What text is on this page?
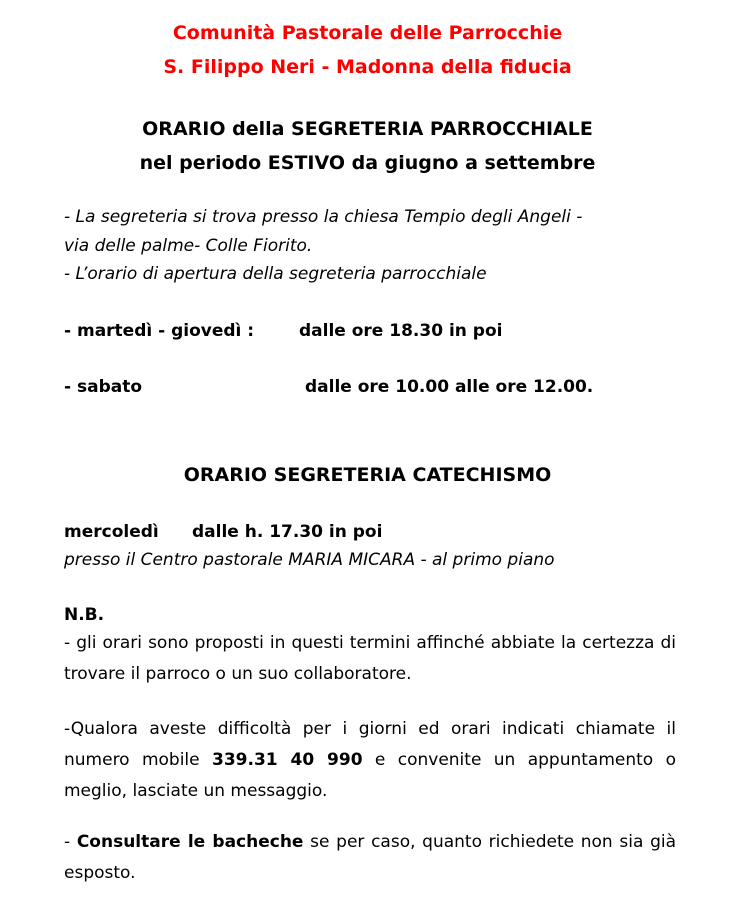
Comunità Pastorale delle Parrocchie
S. Filippo Neri - Madonna della fiducia
ORARIO della SEGRETERIA PARROCCHIALE
nel periodo ESTIVO da giugno a settembre
- La segreteria si trova presso la chiesa Tempio degli Angeli -
via delle palme- Colle Fiorito.
- L’orario di apertura della segreteria parrocchiale
- martedì - giovedì :	dalle ore 18.30 in poi
- sabato	dalle ore 10.00 alle ore 12.00.
ORARIO SEGRETERIA CATECHISMO
mercoledì dalle h. 17.30 in poi
presso il Centro pastorale MARIA MICARA - al primo piano
N.B.
- gli orari sono proposti in questi termini affinché abbiate la certezza di trovare il parroco o un suo collaboratore.
-Qualora aveste difficoltà per i giorni ed orari indicati chiamate il numero mobile 339.31 40 990 e convenite un appuntamento o meglio, lasciate un messaggio.
- Consultare le bacheche se per caso, quanto richiedete non sia già esposto.
